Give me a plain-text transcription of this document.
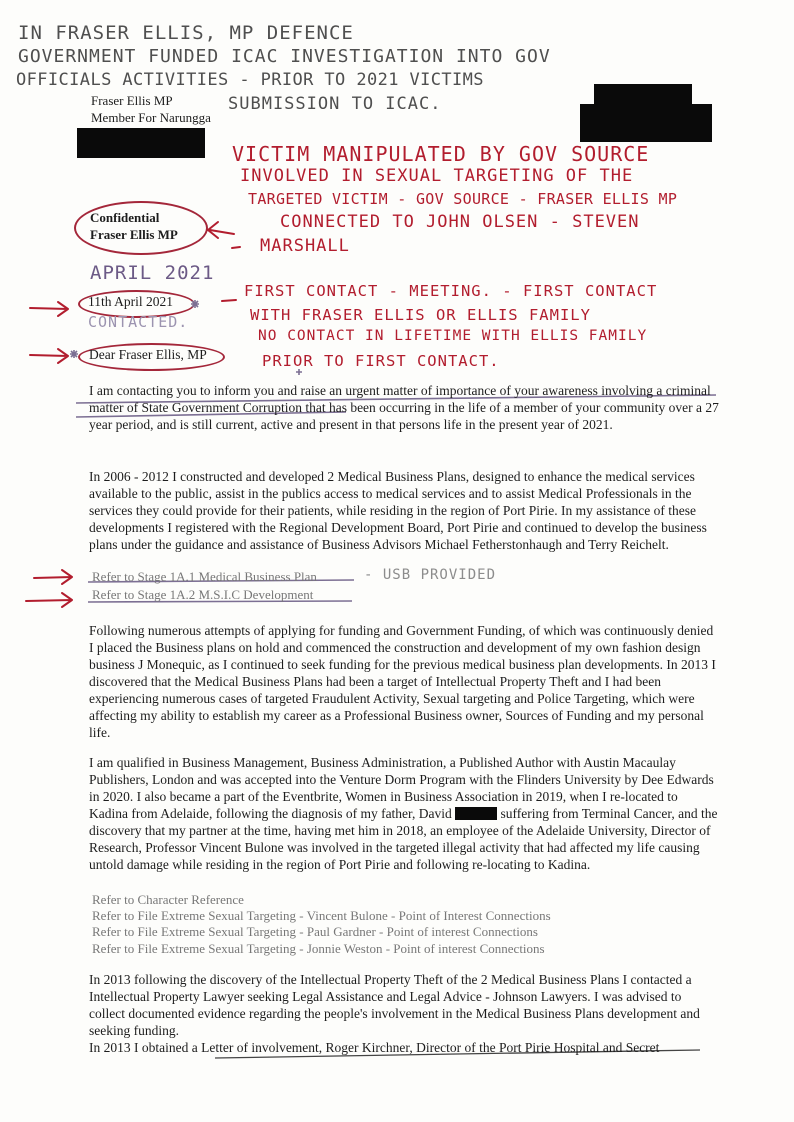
IN FRASER ELLIS, MP DEFENCE

GOVERNMENT FUNDED ICAC INVESTIGATION INTO GOV

OFFICIALS ACTIVITIES - PRIOR TO 2021 VICTIMS

SUBMISSION TO ICAC.

Fraser Ellis MP

Member For Narungga

VICTIM MANIPULATED BY GOV SOURCE

INVOLVED IN SEXUAL TARGETING OF THE

TARGETED VICTIM - GOV SOURCE - FRASER ELLIS MP

CONNECTED TO JOHN OLSEN - STEVEN

MARSHALL

Confidential

Fraser Ellis MP

APRIL 2021

11th April 2021

CONTACTED.

Dear Fraser Ellis, MP

FIRST CONTACT - MEETING. - FIRST CONTACT

WITH FRASER ELLIS OR ELLIS FAMILY

NO CONTACT IN LIFETIME WITH ELLIS FAMILY

PRIOR TO FIRST CONTACT.

I am contacting you to inform you and raise an urgent matter of importance of your awareness involving a criminal matter of State Government Corruption that has been occurring in the life of a member of your community over a 27 year period, and is still current, active and present in that persons life in the present year of 2021.

In 2006 - 2012 I constructed and developed 2 Medical Business Plans, designed to enhance the medical services available to the public, assist in the publics access to medical services and to assist Medical Professionals in the services they could provide for their patients, while residing in the region of Port Pirie. In my assistance of these developments I registered with the Regional Development Board, Port Pirie and continued to develop the business plans under the guidance and assistance of Business Advisors Michael Fetherstonhaugh and Terry Reichelt.

Refer to Stage 1A.1 Medical Business Plan	- USB PROVIDED

Refer to Stage 1A.2 M.S.I.C Development

Following numerous attempts of applying for funding and Government Funding, of which was continuously denied I placed the Business plans on hold and commenced the construction and development of my own fashion design business J Monequic, as I continued to seek funding for the previous medical business plan developments. In 2013 I discovered that the Medical Business Plans had been a target of Intellectual Property Theft and I had been experiencing numerous cases of targeted Fraudulent Activity, Sexual targeting and Police Targeting, which were affecting my ability to establish my career as a Professional Business owner, Sources of Funding and my personal life.

I am qualified in Business Management, Business Administration, a Published Author with Austin Macaulay Publishers, London and was accepted into the Venture Dorm Program with the Flinders University by Dee Edwards in 2020. I also became a part of the Eventbrite, Women in Business Association in 2019, when I re-located to Kadina from Adelaide, following the diagnosis of my father, David	suffering from Terminal Cancer, and the discovery that my partner at the time, having met him in 2018, an employee of the Adelaide University, Director of Research, Professor Vincent Bulone was involved in the targeted illegal activity that had affected my life causing untold damage while residing in the region of Port Pirie and following re-locating to Kadina.

Refer to Character Reference

Refer to File Extreme Sexual Targeting - Vincent Bulone - Point of Interest Connections

Refer to File Extreme Sexual Targeting - Paul Gardner - Point of interest Connections

Refer to File Extreme Sexual Targeting - Jonnie Weston - Point of interest Connections

In 2013 following the discovery of the Intellectual Property Theft of the 2 Medical Business Plans I contacted a Intellectual Property Lawyer seeking Legal Assistance and Legal Advice - Johnson Lawyers. I was advised to collect documented evidence regarding the people's involvement in the Medical Business Plans development and seeking funding.

In 2013 I obtained a Letter of involvement, Roger Kirchner, Director of the Port Pirie Hospital and Secret
